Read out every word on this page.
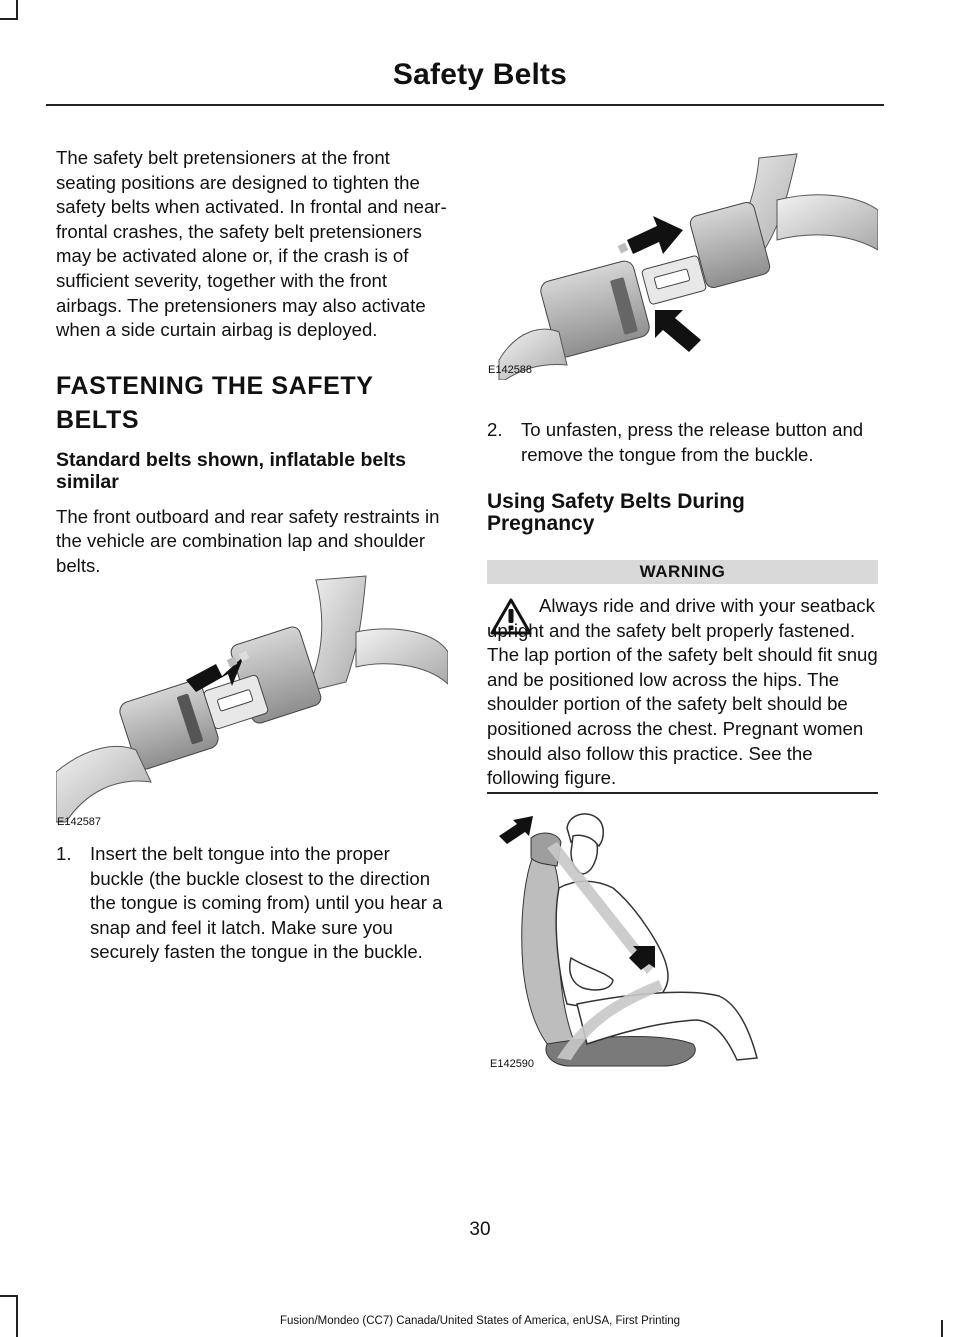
Safety Belts

The safety belt pretensioners at the front seating positions are designed to tighten the safety belts when activated. In frontal and near-frontal crashes, the safety belt pretensioners may be activated alone or, if the crash is of sufficient severity, together with the front airbags. The pretensioners may also activate when a side curtain airbag is deployed.

FASTENING THE SAFETY
BELTS

Standard belts shown, inflatable belts similar

The front outboard and rear safety restraints in the vehicle are combination lap and shoulder belts.

E142587
1. Insert the belt tongue into the proper buckle (the buckle closest to the direction the tongue is coming from) until you hear a snap and feel it latch. Make sure you securely fasten the tongue in the buckle.
E142588
2. To unfasten, press the release button and remove the tongue from the buckle.

Using Safety Belts During Pregnancy

WARNING

Always ride and drive with your seatback upright and the safety belt properly fastened. The lap portion of the safety belt should fit snug and be positioned low across the hips. The shoulder portion of the safety belt should be positioned across the chest. Pregnant women should also follow this practice. See the following figure.

E142590
30
Fusion/Mondeo (CC7) Canada/United States of America, enUSA, First Printing
